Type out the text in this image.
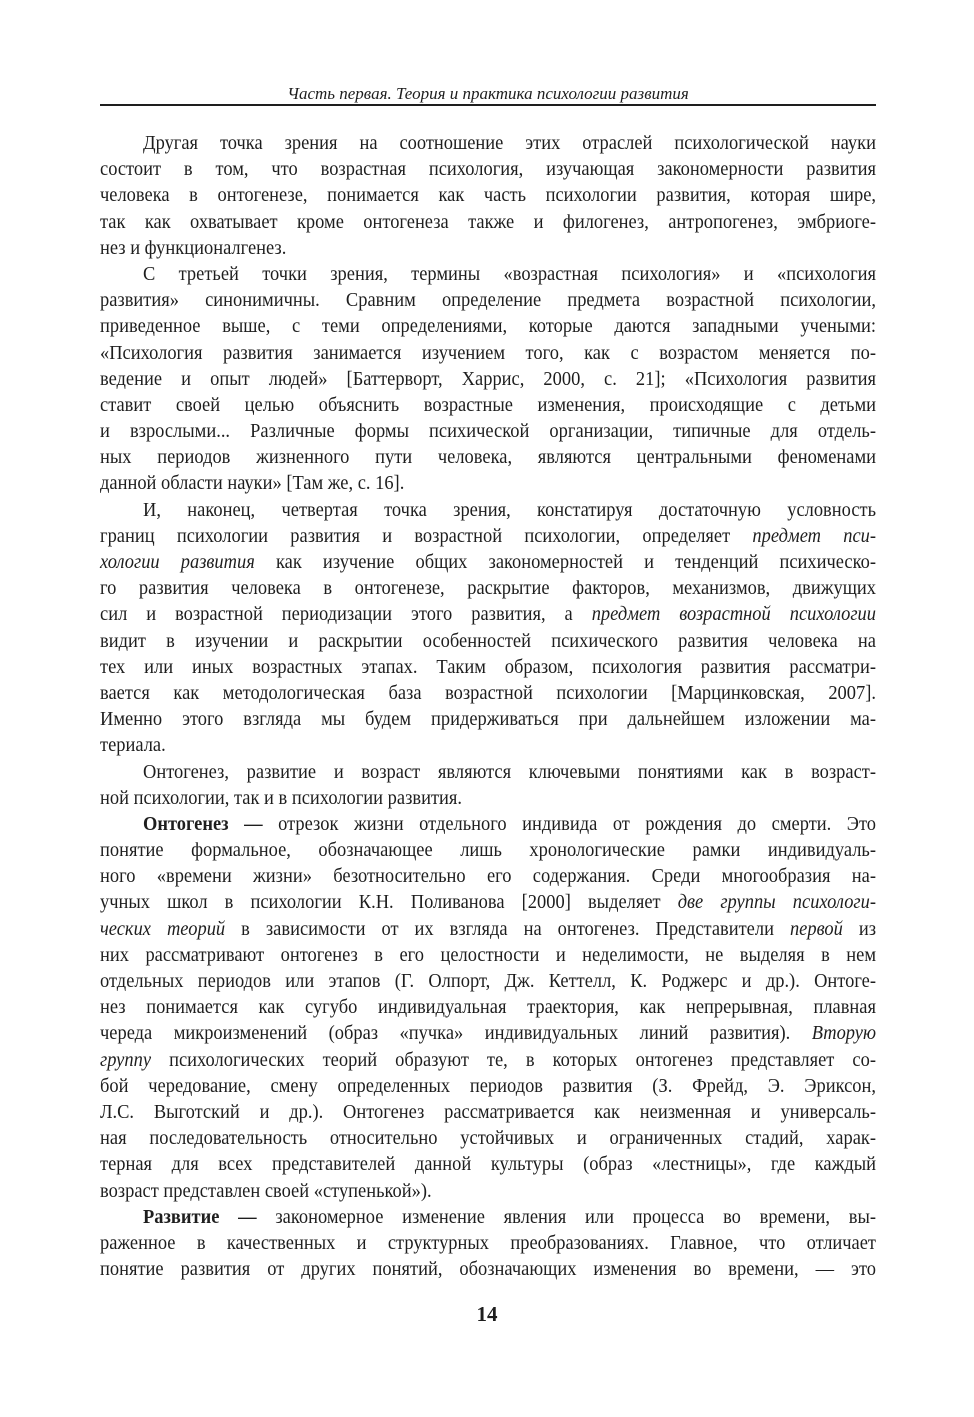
Часть первая. Теория и практика психологии развития
Другая точка зрения на соотношение этих отраслей психологической науки
состоит в том, что возрастная психология, изучающая закономерности развития
человека в онтогенезе, понимается как часть психологии развития, которая шире,
так как охватывает кроме онтогенеза также и филогенез, антропогенез, эмбриоге-
нез и функционалгенез.
С третьей точки зрения, термины «возрастная психология» и «психология
развития» синонимичны. Сравним определение предмета возрастной психологии,
приведенное выше, с теми определениями, которые даются западными учеными:
«Психология развития занимается изучением того, как с возрастом меняется по-
ведение и опыт людей» [Баттерворт, Харрис, 2000, с. 21]; «Психология развития
ставит своей целью объяснить возрастные изменения, происходящие с детьми
и взрослыми... Различные формы психической организации, типичные для отдель-
ных периодов жизненного пути человека, являются центральными феноменами
данной области науки» [Там же, с. 16].
И, наконец, четвертая точка зрения, констатируя достаточную условность
границ психологии развития и возрастной психологии, определяет предмет пси-
хологии развития как изучение общих закономерностей и тенденций психическо-
го развития человека в онтогенезе, раскрытие факторов, механизмов, движущих
сил и возрастной периодизации этого развития, а предмет возрастной психологии
видит в изучении и раскрытии особенностей психического развития человека на
тех или иных возрастных этапах. Таким образом, психология развития рассматри-
вается как методологическая база возрастной психологии [Марцинковская, 2007].
Именно этого взгляда мы будем придерживаться при дальнейшем изложении ма-
териала.
Онтогенез, развитие и возраст являются ключевыми понятиями как в возраст-
ной психологии, так и в психологии развития.
Онтогенез — отрезок жизни отдельного индивида от рождения до смерти. Это
понятие формальное, обозначающее лишь хронологические рамки индивидуаль-
ного «времени жизни» безотносительно его содержания. Среди многообразия на-
учных школ в психологии К.Н. Поливанова [2000] выделяет две группы психологи-
ческих теорий в зависимости от их взгляда на онтогенез. Представители первой из
них рассматривают онтогенез в его целостности и неделимости, не выделяя в нем
отдельных периодов или этапов (Г. Олпорт, Дж. Кеттелл, К. Роджерс и др.). Онтоге-
нез понимается как сугубо индивидуальная траектория, как непрерывная, плавная
череда микроизменений (образ «пучка» индивидуальных линий развития). Вторую
группу психологических теорий образуют те, в которых онтогенез представляет со-
бой чередование, смену определенных периодов развития (З. Фрейд, Э. Эриксон,
Л.С. Выготский и др.). Онтогенез рассматривается как неизменная и универсаль-
ная последовательность относительно устойчивых и ограниченных стадий, харак-
терная для всех представителей данной культуры (образ «лестницы», где каждый
возраст представлен своей «ступенькой»).
Развитие — закономерное изменение явления или процесса во времени, вы-
раженное в качественных и структурных преобразованиях. Главное, что отличает
понятие развития от других понятий, обозначающих изменения во времени, — это
14
